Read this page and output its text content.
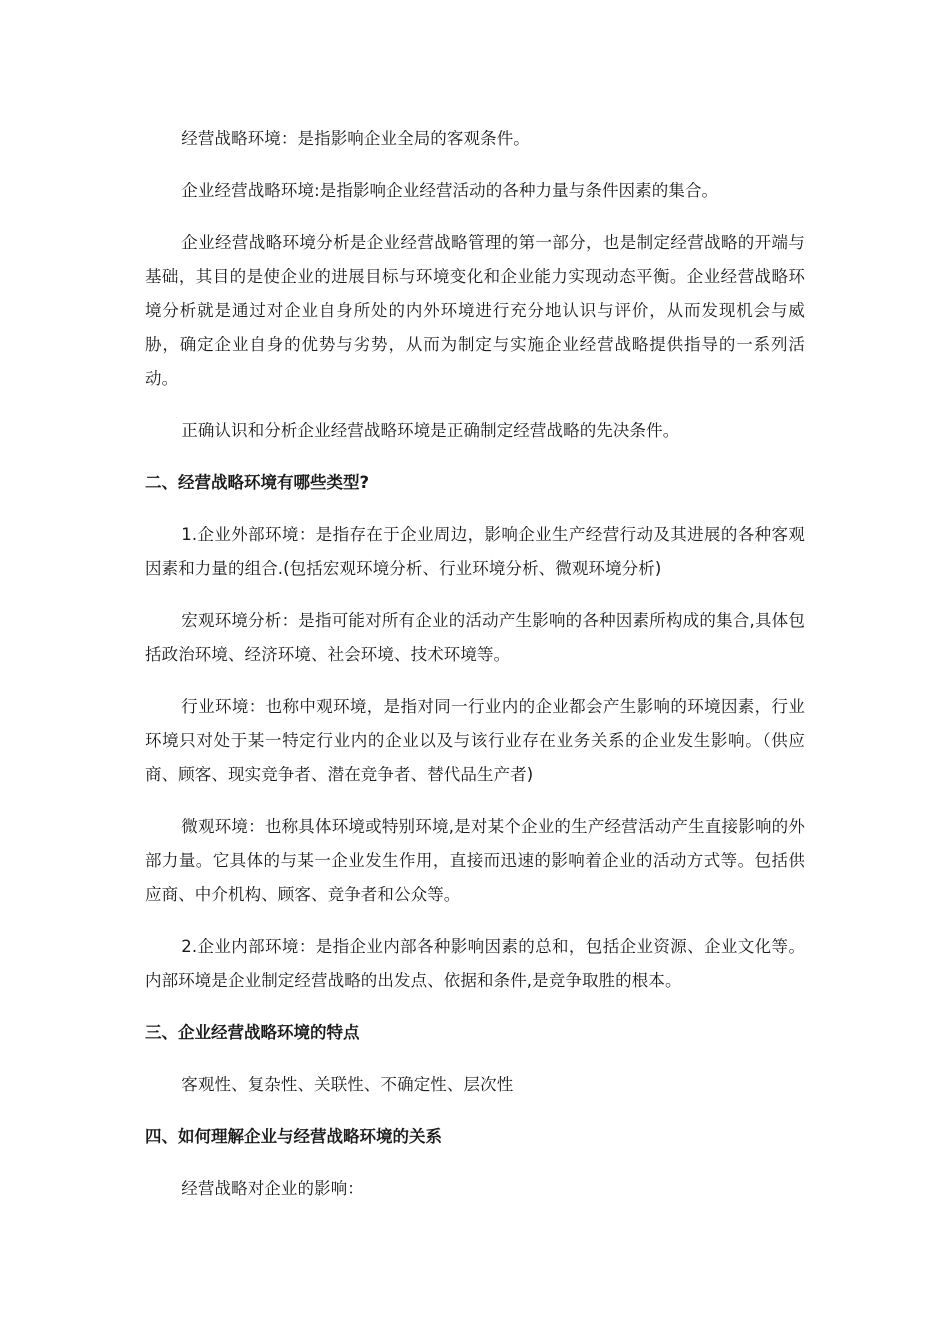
经营战略环境：是指影响企业全局的客观条件。

企业经营战略环境:是指影响企业经营活动的各种力量与条件因素的集合。

企业经营战略环境分析是企业经营战略管理的第一部分，也是制定经营战略的开端与基础，其目的是使企业的进展目标与环境变化和企业能力实现动态平衡。企业经营战略环境分析就是通过对企业自身所处的内外环境进行充分地认识与评价，从而发现机会与威胁，确定企业自身的优势与劣势，从而为制定与实施企业经营战略提供指导的一系列活动。

正确认识和分析企业经营战略环境是正确制定经营战略的先决条件。

二、经营战略环境有哪些类型?

1.企业外部环境：是指存在于企业周边，影响企业生产经营行动及其进展的各种客观因素和力量的组合.(包括宏观环境分析、行业环境分析、微观环境分析)

宏观环境分析：是指可能对所有企业的活动产生影响的各种因素所构成的集合,具体包括政治环境、经济环境、社会环境、技术环境等。

行业环境：也称中观环境，是指对同一行业内的企业都会产生影响的环境因素，行业环境只对处于某一特定行业内的企业以及与该行业存在业务关系的企业发生影响。（供应商、顾客、现实竞争者、潜在竞争者、替代品生产者)

微观环境：也称具体环境或特别环境,是对某个企业的生产经营活动产生直接影响的外部力量。它具体的与某一企业发生作用，直接而迅速的影响着企业的活动方式等。包括供应商、中介机构、顾客、竞争者和公众等。

2.企业内部环境：是指企业内部各种影响因素的总和，包括企业资源、企业文化等。内部环境是企业制定经营战略的出发点、依据和条件,是竞争取胜的根本。

三、企业经营战略环境的特点

客观性、复杂性、关联性、不确定性、层次性

四、如何理解企业与经营战略环境的关系

经营战略对企业的影响：
